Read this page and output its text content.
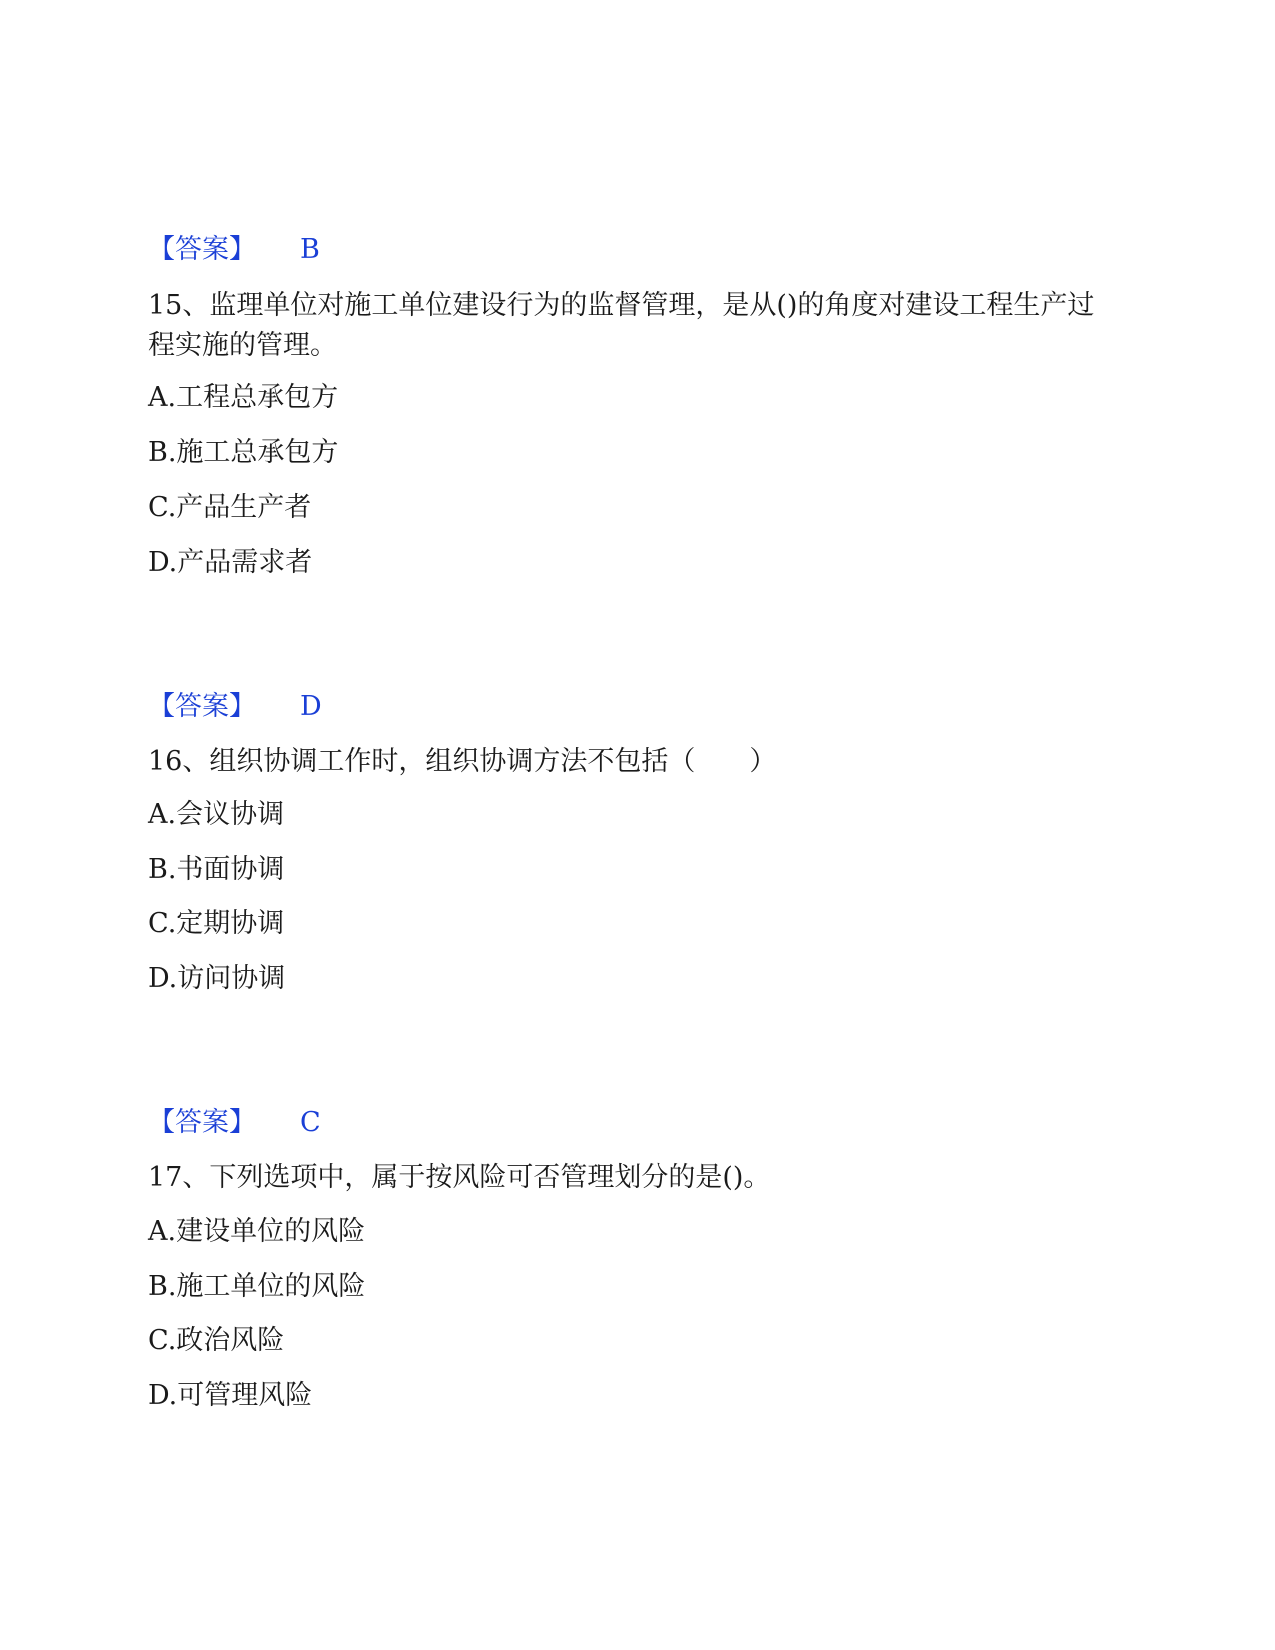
【答案】 B
15、监理单位对施工单位建设行为的监督管理，是从()的角度对建设工程生产过程实施的管理。
A.工程总承包方
B.施工总承包方
C.产品生产者
D.产品需求者
【答案】 D
16、组织协调工作时，组织协调方法不包括（　　）
A.会议协调
B.书面协调
C.定期协调
D.访问协调
【答案】 C
17、下列选项中，属于按风险可否管理划分的是()。
A.建设单位的风险
B.施工单位的风险
C.政治风险
D.可管理风险
